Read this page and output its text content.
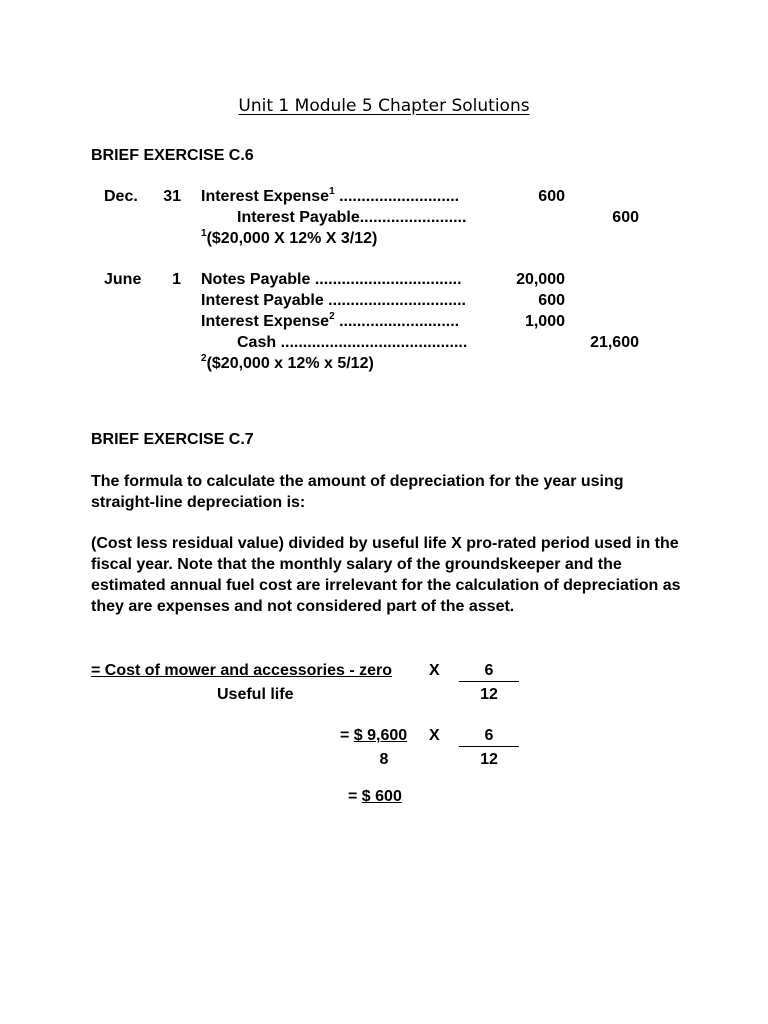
Unit 1 Module 5 Chapter Solutions
BRIEF EXERCISE C.6
Dec.	31 Interest Expense$^1$ ...........................	600
Interest Payable........................	600
$^1$($20,000 X 12% X 3/12)
June	1 Notes Payable .................................	20,000
Interest Payable ...............................	600
Interest Expense$^2$ ...........................	1,000
Cash ..........................................	21,600
$^2$($20,000 x 12% x 5/12)
BRIEF EXERCISE C.7
The formula to calculate the amount of depreciation for the year using straight-line depreciation is:
(Cost less residual value) divided by useful life X pro-rated period used in the fiscal year. Note that the monthly salary of the groundskeeper and the estimated annual fuel cost are irrelevant for the calculation of depreciation as they are expenses and not considered part of the asset.
= Cost of mower and accessories - zero X
Useful life
6
12
= $ 9,600 X
8
6
12
= $ 600
